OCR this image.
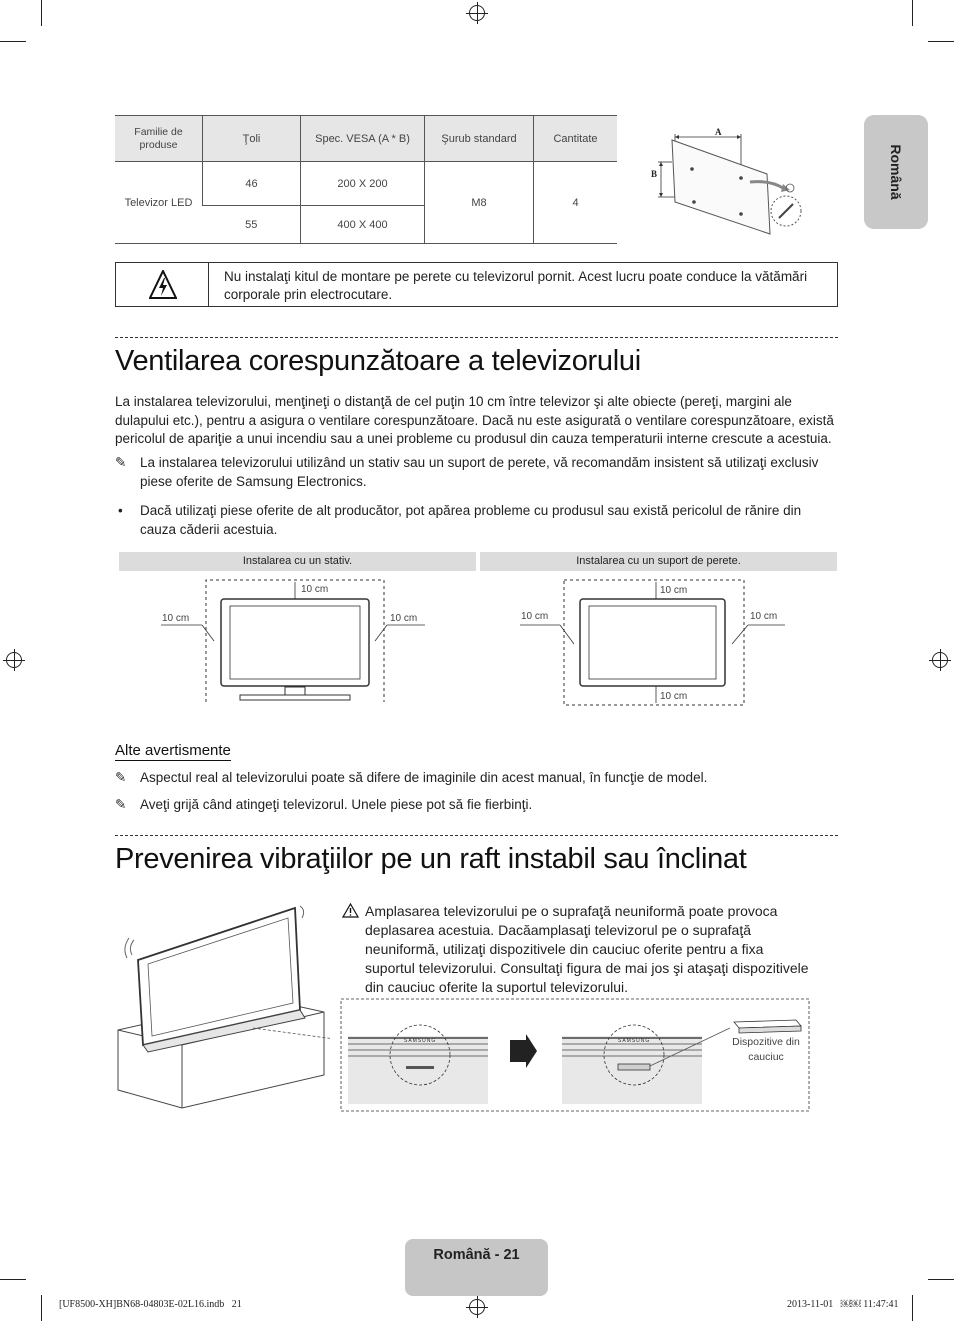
Română
Familie de produse	Ţoli	Spec. VESA (A * B)	Şurub standard	Cantitate
Televizor LED	46	200 X 200	M8	4
	55	400 X 400		
A
B
Nu instalaţi kitul de montare pe perete cu televizorul pornit. Acest lucru poate conduce la vătămări corporale prin electrocutare.
Ventilarea corespunzătoare a televizorului
La instalarea televizorului, menţineţi o distanţă de cel puţin 10 cm între televizor şi alte obiecte (pereţi, margini ale dulapului etc.), pentru a asigura o ventilare corespunzătoare. Dacă nu este asigurată o ventilare corespunzătoare, există pericolul de apariţie a unui incendiu sau a unei probleme cu produsul din cauza temperaturii interne crescute a acestuia.
✎ La instalarea televizorului utilizând un stativ sau un suport de perete, vă recomandăm insistent să utilizaţi exclusiv piese oferite de Samsung Electronics.
• Dacă utilizaţi piese oferite de alt producător, pot apărea probleme cu produsul sau există pericolul de rănire din cauza căderii acestuia.
Instalarea cu un stativ.	Instalarea cu un suport de perete.
10 cm
10 cm	10 cm
10 cm
10 cm	10 cm
10 cm
Alte avertismente
✎ Aspectul real al televizorului poate să difere de imaginile din acest manual, în funcţie de model.
✎ Aveţi grijă când atingeţi televizorul. Unele piese pot să fie fierbinţi.
Prevenirea vibraţiilor pe un raft instabil sau înclinat
Amplasarea televizorului pe o suprafaţă neuniformă poate provoca deplasarea acestuia. Dacăamplasaţi televizorul pe o suprafaţă neuniformă, utilizaţi dispozitivele din cauciuc oferite pentru a fixa suportul televizorului. Consultaţi figura de mai jos şi ataşaţi dispozitivele din cauciuc oferite la suportul televizorului.
SAMSUNG	SAMSUNG	Dispozitive din cauciuc
Română - 21
[UF8500-XH]BN68-04803E-02L16.indb   21	2013-11-01   ￼￼ 11:47:41
